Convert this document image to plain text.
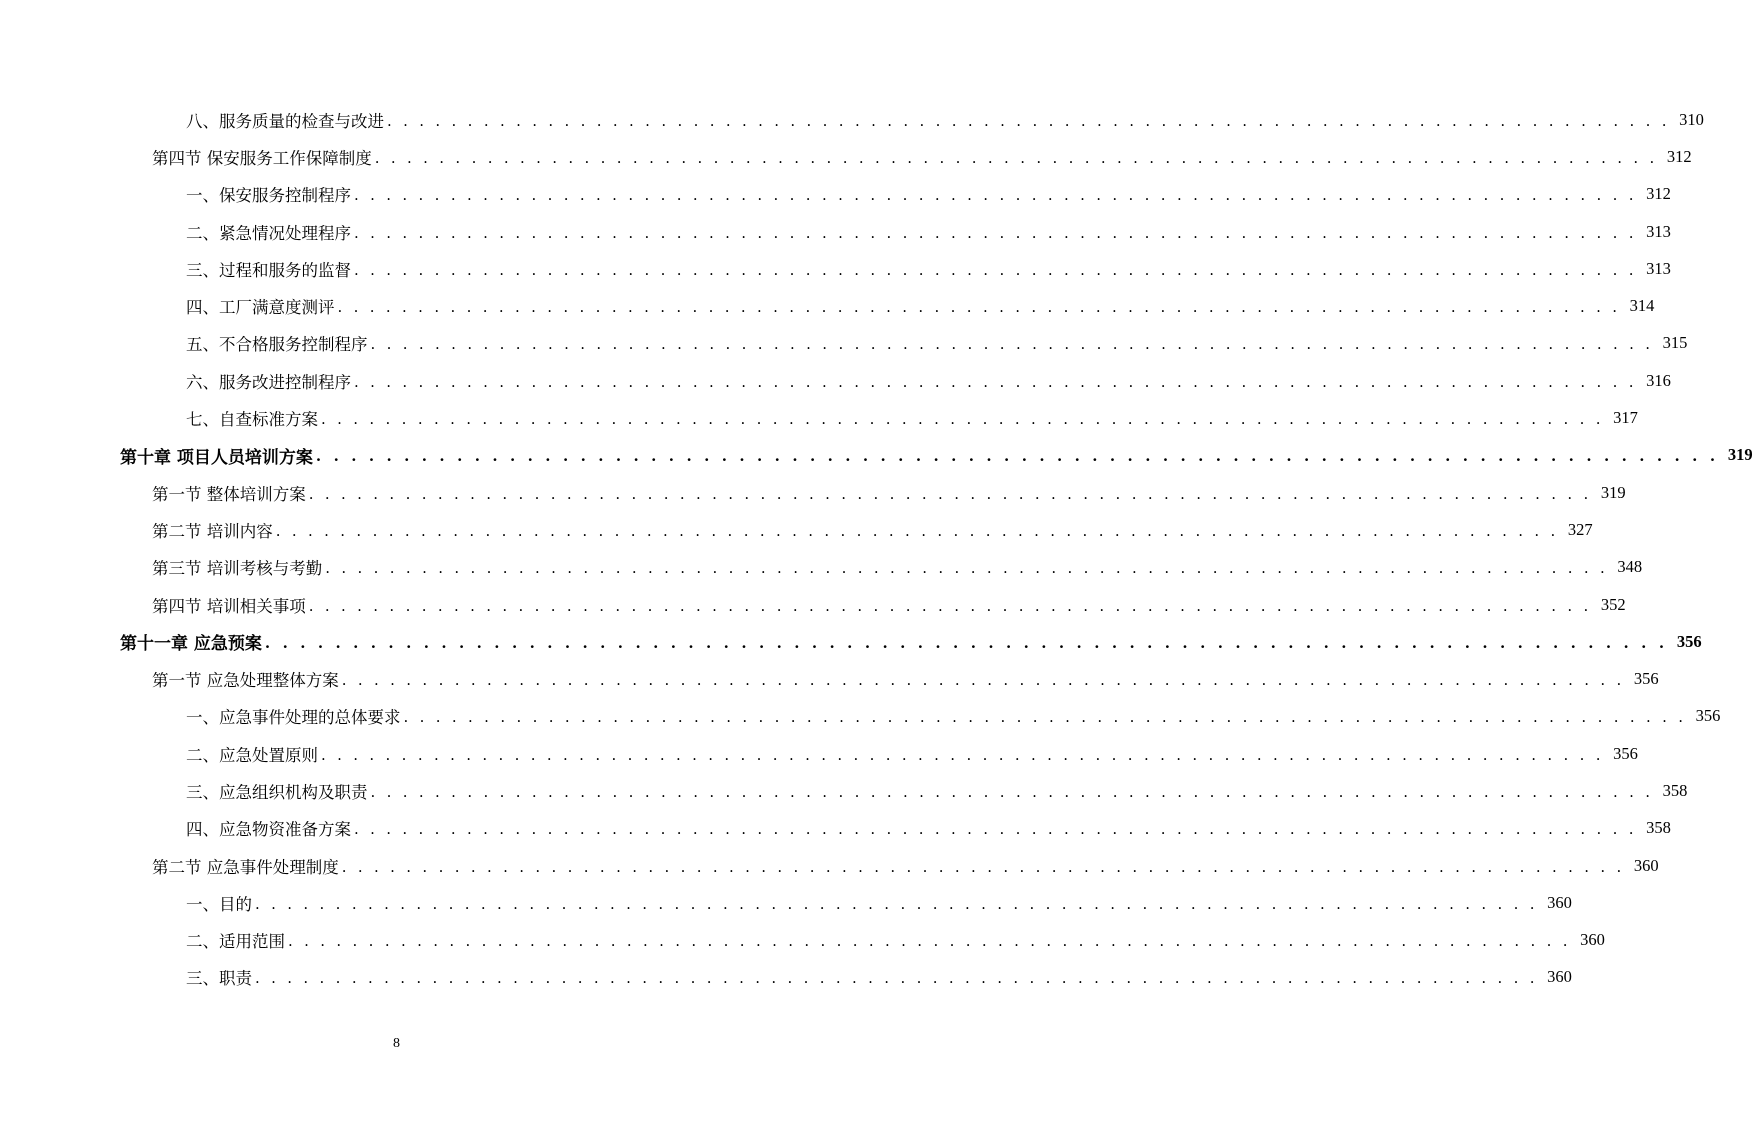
八、服务质量的检查与改进 . . . . . . . . . . . . . . . . . . . . . . . . . . . . . . . . . . . . . . . . . . . . . . . . . . . . . . . . . . . . . . . . . . . . . . . . . . . . . . . . 310
第四节 保安服务工作保障制度 . . . . . . . . . . . . . . . . . . . . . . . . . . . . . . . . . . . . . . . . . . . . . . . . . . . . . . . . . . . . . . . . . . . . . . . . . . . . . . . . 312
一、保安服务控制程序 . . . . . . . . . . . . . . . . . . . . . . . . . . . . . . . . . . . . . . . . . . . . . . . . . . . . . . . . . . . . . . . . . . . . . . . . . . . . . . . . 312
二、紧急情况处理程序 . . . . . . . . . . . . . . . . . . . . . . . . . . . . . . . . . . . . . . . . . . . . . . . . . . . . . . . . . . . . . . . . . . . . . . . . . . . . . . . . 313
三、过程和服务的监督 . . . . . . . . . . . . . . . . . . . . . . . . . . . . . . . . . . . . . . . . . . . . . . . . . . . . . . . . . . . . . . . . . . . . . . . . . . . . . . . . 313
四、工厂满意度测评 . . . . . . . . . . . . . . . . . . . . . . . . . . . . . . . . . . . . . . . . . . . . . . . . . . . . . . . . . . . . . . . . . . . . . . . . . . . . . . . . 314
五、不合格服务控制程序 . . . . . . . . . . . . . . . . . . . . . . . . . . . . . . . . . . . . . . . . . . . . . . . . . . . . . . . . . . . . . . . . . . . . . . . . . . . . . . . . 315
六、服务改进控制程序 . . . . . . . . . . . . . . . . . . . . . . . . . . . . . . . . . . . . . . . . . . . . . . . . . . . . . . . . . . . . . . . . . . . . . . . . . . . . . . . . 316
七、自查标准方案 . . . . . . . . . . . . . . . . . . . . . . . . . . . . . . . . . . . . . . . . . . . . . . . . . . . . . . . . . . . . . . . . . . . . . . . . . . . . . . . . 317
第十章 项目人员培训方案 . . . . . . . . . . . . . . . . . . . . . . . . . . . . . . . . . . . . . . . . . . . . . . . . . . . . . . . . . . . . . . . . . . . . . . . . . . . . . . . . 319
第一节 整体培训方案 . . . . . . . . . . . . . . . . . . . . . . . . . . . . . . . . . . . . . . . . . . . . . . . . . . . . . . . . . . . . . . . . . . . . . . . . . . . . . . . . 319
第二节 培训内容 . . . . . . . . . . . . . . . . . . . . . . . . . . . . . . . . . . . . . . . . . . . . . . . . . . . . . . . . . . . . . . . . . . . . . . . . . . . . . . . . 327
第三节 培训考核与考勤 . . . . . . . . . . . . . . . . . . . . . . . . . . . . . . . . . . . . . . . . . . . . . . . . . . . . . . . . . . . . . . . . . . . . . . . . . . . . . . . . 348
第四节 培训相关事项 . . . . . . . . . . . . . . . . . . . . . . . . . . . . . . . . . . . . . . . . . . . . . . . . . . . . . . . . . . . . . . . . . . . . . . . . . . . . . . . . 352
第十一章 应急预案 . . . . . . . . . . . . . . . . . . . . . . . . . . . . . . . . . . . . . . . . . . . . . . . . . . . . . . . . . . . . . . . . . . . . . . . . . . . . . . . . 356
第一节 应急处理整体方案 . . . . . . . . . . . . . . . . . . . . . . . . . . . . . . . . . . . . . . . . . . . . . . . . . . . . . . . . . . . . . . . . . . . . . . . . . . . . . . . . 356
一、应急事件处理的总体要求 . . . . . . . . . . . . . . . . . . . . . . . . . . . . . . . . . . . . . . . . . . . . . . . . . . . . . . . . . . . . . . . . . . . . . . . . . . . . . . . . 356
二、应急处置原则 . . . . . . . . . . . . . . . . . . . . . . . . . . . . . . . . . . . . . . . . . . . . . . . . . . . . . . . . . . . . . . . . . . . . . . . . . . . . . . . . 356
三、应急组织机构及职责 . . . . . . . . . . . . . . . . . . . . . . . . . . . . . . . . . . . . . . . . . . . . . . . . . . . . . . . . . . . . . . . . . . . . . . . . . . . . . . . . 358
四、应急物资准备方案 . . . . . . . . . . . . . . . . . . . . . . . . . . . . . . . . . . . . . . . . . . . . . . . . . . . . . . . . . . . . . . . . . . . . . . . . . . . . . . . . 358
第二节 应急事件处理制度 . . . . . . . . . . . . . . . . . . . . . . . . . . . . . . . . . . . . . . . . . . . . . . . . . . . . . . . . . . . . . . . . . . . . . . . . . . . . . . . . 360
一、目的 . . . . . . . . . . . . . . . . . . . . . . . . . . . . . . . . . . . . . . . . . . . . . . . . . . . . . . . . . . . . . . . . . . . . . . . . . . . . . . . . 360
二、适用范围 . . . . . . . . . . . . . . . . . . . . . . . . . . . . . . . . . . . . . . . . . . . . . . . . . . . . . . . . . . . . . . . . . . . . . . . . . . . . . . . . 360
三、职责 . . . . . . . . . . . . . . . . . . . . . . . . . . . . . . . . . . . . . . . . . . . . . . . . . . . . . . . . . . . . . . . . . . . . . . . . . . . . . . . . 360
8
